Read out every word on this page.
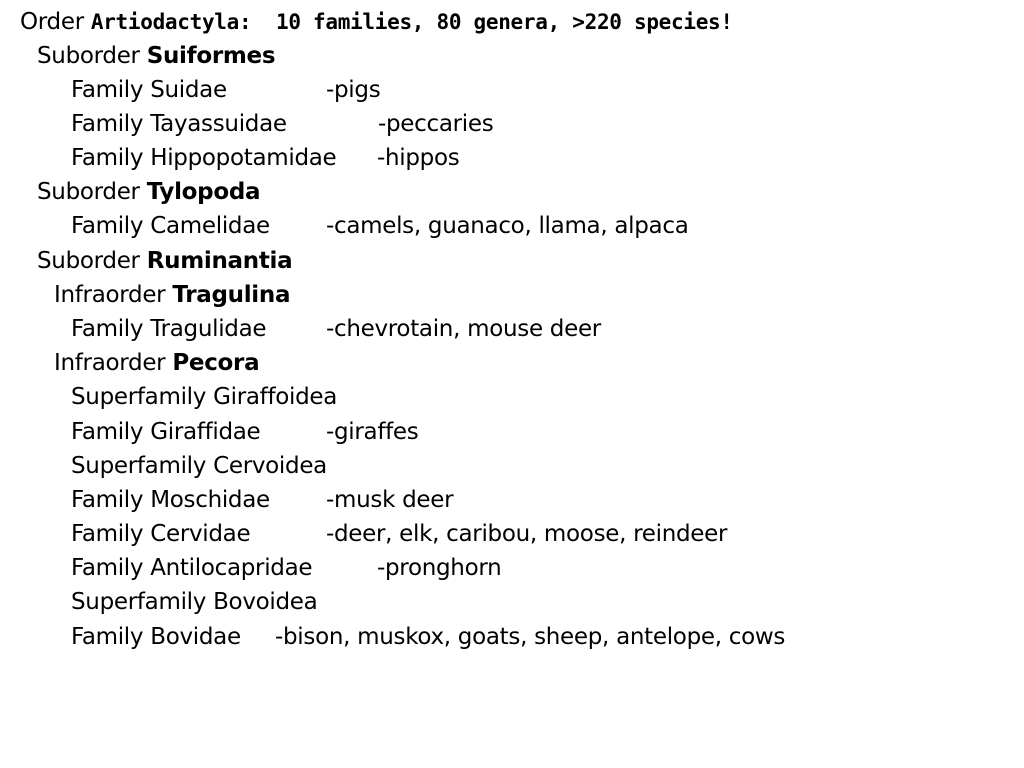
Order Artiodactyla: 10 families, 80 genera, >220 species!
Suborder Suiformes
Family Suidae	-pigs
Family Tayassuidae	-peccaries
Family Hippopotamidae -hippos
Suborder Tylopoda
Family Camelidae -camels, guanaco, llama, alpaca
Suborder Ruminantia
Infraorder Tragulina
Family Tragulidae	-chevrotain, mouse deer
Infraorder Pecora
Superfamily Giraffoidea
Family Giraffidae	-giraffes
Superfamily Cervoidea
Family Moschidae -musk deer
Family Cervidae	-deer, elk, caribou, moose, reindeer
Family Antilocapridae	-pronghorn
Superfamily Bovoidea
Family Bovidae -bison, muskox, goats, sheep, antelope, cows
